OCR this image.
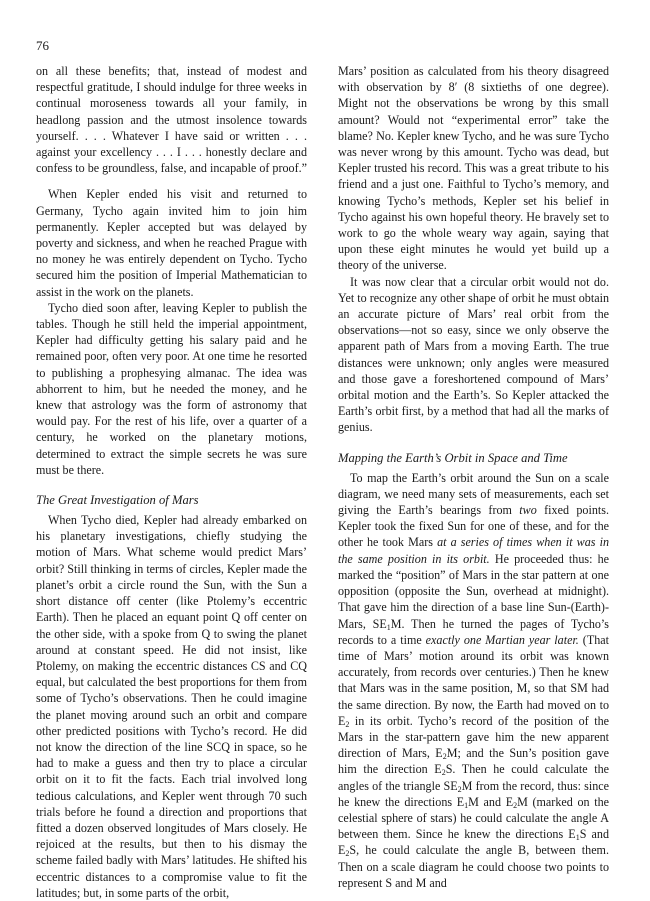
76

on all these benefits; that, instead of modest and respectful gratitude, I should indulge for three weeks in continual moroseness towards all your family, in headlong passion and the utmost insolence towards yourself. . . . Whatever I have said or written . . . against your excellency . . . I . . . honestly declare and confess to be groundless, false, and incapable of proof.”

When Kepler ended his visit and returned to Germany, Tycho again invited him to join him permanently. Kepler accepted but was delayed by poverty and sickness, and when he reached Prague with no money he was entirely dependent on Tycho. Tycho secured him the position of Imperial Mathematician to assist in the work on the planets.

Tycho died soon after, leaving Kepler to publish the tables. Though he still held the imperial appointment, Kepler had difficulty getting his salary paid and he remained poor, often very poor. At one time he resorted to publishing a prophesying almanac. The idea was abhorrent to him, but he needed the money, and he knew that astrology was the form of astronomy that would pay. For the rest of his life, over a quarter of a century, he worked on the planetary motions, determined to extract the simple secrets he was sure must be there.

The Great Investigation of Mars

When Tycho died, Kepler had already embarked on his planetary investigations, chiefly studying the motion of Mars. What scheme would predict Mars’ orbit? Still thinking in terms of circles, Kepler made the planet’s orbit a circle round the Sun, with the Sun a short distance off center (like Ptolemy’s eccentric Earth). Then he placed an equant point Q off center on the other side, with a spoke from Q to swing the planet around at constant speed. He did not insist, like Ptolemy, on making the eccentric distances CS and CQ equal, but calculated the best proportions for them from some of Tycho’s observations. Then he could imagine the planet moving around such an orbit and compare other predicted positions with Tycho’s record. He did not know the direction of the line SCQ in space, so he had to make a guess and then try to place a circular orbit on it to fit the facts. Each trial involved long tedious calculations, and Kepler went through 70 such trials before he found a direction and proportions that fitted a dozen observed longitudes of Mars closely. He rejoiced at the results, but then to his dismay the scheme failed badly with Mars’ latitudes. He shifted his eccentric distances to a compromise value to fit the latitudes; but, in some parts of the orbit,

Mars’ position as calculated from his theory disagreed with observation by 8′ (8 sixtieths of one degree). Might not the observations be wrong by this small amount? Would not “experimental error” take the blame? No. Kepler knew Tycho, and he was sure Tycho was never wrong by this amount. Tycho was dead, but Kepler trusted his record. This was a great tribute to his friend and a just one. Faithful to Tycho’s memory, and knowing Tycho’s methods, Kepler set his belief in Tycho against his own hopeful theory. He bravely set to work to go the whole weary way again, saying that upon these eight minutes he would yet build up a theory of the universe.

It was now clear that a circular orbit would not do. Yet to recognize any other shape of orbit he must obtain an accurate picture of Mars’ real orbit from the observations—not so easy, since we only observe the apparent path of Mars from a moving Earth. The true distances were unknown; only angles were measured and those gave a foreshortened compound of Mars’ orbital motion and the Earth’s. So Kepler attacked the Earth’s orbit first, by a method that had all the marks of genius.

Mapping the Earth’s Orbit in Space and Time

To map the Earth’s orbit around the Sun on a scale diagram, we need many sets of measurements, each set giving the Earth’s bearings from two fixed points. Kepler took the fixed Sun for one of these, and for the other he took Mars at a series of times when it was in the same position in its orbit. He proceeded thus: he marked the “position” of Mars in the star pattern at one opposition (opposite the Sun, overhead at midnight). That gave him the direction of a base line Sun-(Earth)-Mars, $SE_1M$. Then he turned the pages of Tycho’s records to a time exactly one Martian year later. (That time of Mars’ motion around its orbit was known accurately, from records over centuries.) Then he knew that Mars was in the same position, M, so that SM had the same direction. By now, the Earth had moved on to $E_2$ in its orbit. Tycho’s record of the position of the Mars in the star-pattern gave him the new apparent direction of Mars, $E_2M$; and the Sun’s position gave him the direction $E_2S$. Then he could calculate the angles of the triangle $SE_2M$ from the record, thus: since he knew the directions $E_1M$ and $E_2M$ (marked on the celestial sphere of stars) he could calculate the angle A between them. Since he knew the directions $E_1S$ and $E_2S$, he could calculate the angle B, between them. Then on a scale diagram he could choose two points to represent S and M and
